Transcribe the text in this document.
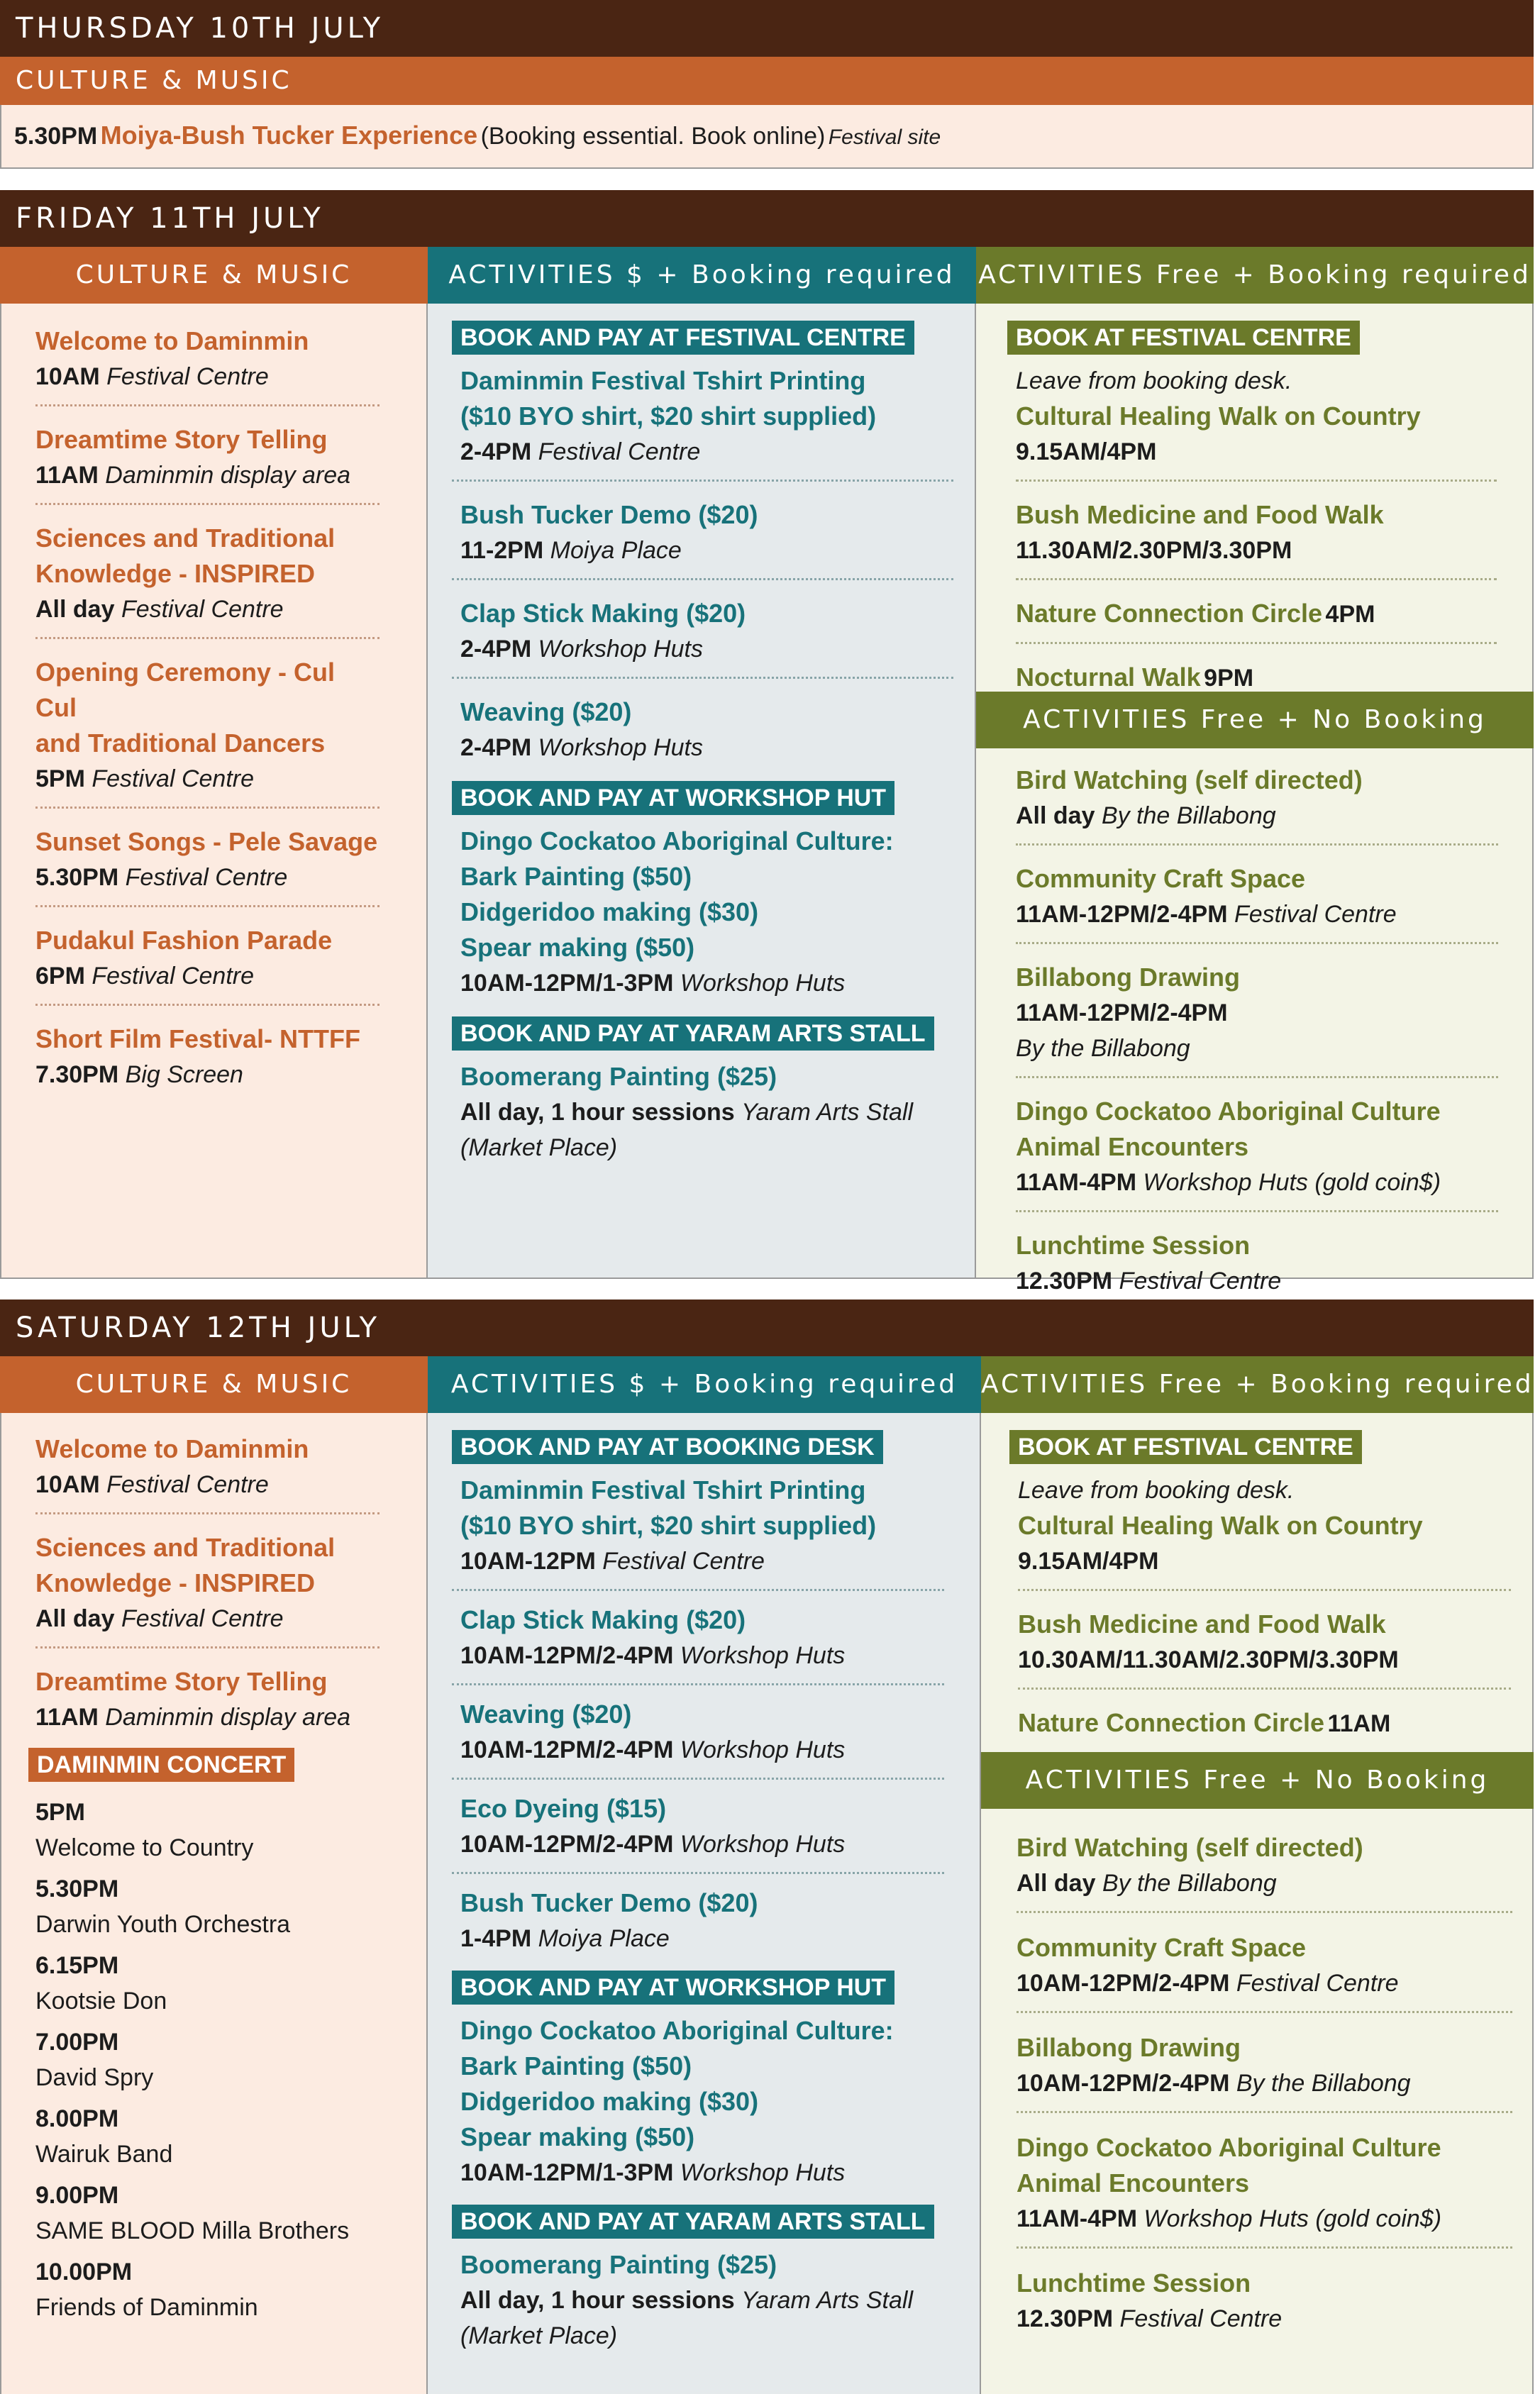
THURSDAY 10TH JULY
CULTURE & MUSIC
5.30PM Moiya-Bush Tucker Experience (Booking essential. Book online) Festival site
FRIDAY 11TH JULY
CULTURE & MUSIC	ACTIVITIES $ + Booking required ACTIVITIES Free + Booking required
Welcome to Daminmin
10AM Festival Centre
Dreamtime Story Telling
11AM Daminmin display area
Sciences and Traditional
Knowledge - INSPIRED
All day Festival Centre
Opening Ceremony - Cul Cul
and Traditional Dancers
5PM Festival Centre
Sunset Songs - Pele Savage
5.30PM Festival Centre
Pudakul Fashion Parade
6PM Festival Centre
Short Film Festival- NTTFF
7.30PM Big Screen
BOOK AND PAY AT FESTIVAL CENTRE
Daminmin Festival Tshirt Printing
($10 BYO shirt, $20 shirt supplied)
2-4PM Festival Centre
Bush Tucker Demo ($20)
11-2PM Moiya Place
Clap Stick Making ($20)
2-4PM Workshop Huts
Weaving ($20)
2-4PM Workshop Huts
BOOK AND PAY AT WORKSHOP HUT
Dingo Cockatoo Aboriginal Culture:
Bark Painting ($50)
Didgeridoo making ($30)
Spear making ($50)
10AM-12PM/1-3PM Workshop Huts
BOOK AND PAY AT YARAM ARTS STALL
Boomerang Painting ($25)
All day, 1 hour sessions Yaram Arts Stall
(Market Place)
BOOK AT FESTIVAL CENTRE
Leave from booking desk.
Cultural Healing Walk on Country
9.15AM/4PM
Bush Medicine and Food Walk
11.30AM/2.30PM/3.30PM
Nature Connection Circle 4PM
Nocturnal Walk 9PM
ACTIVITIES Free + No Booking
Bird Watching (self directed)
All day By the Billabong
Community Craft Space
11AM-12PM/2-4PM Festival Centre
Billabong Drawing
11AM-12PM/2-4PM
By the Billabong
Dingo Cockatoo Aboriginal Culture
Animal Encounters
11AM-4PM Workshop Huts (gold coin$)
Lunchtime Session
12.30PM Festival Centre
SATURDAY 12TH JULY
CULTURE & MUSIC	ACTIVITIES $ + Booking required ACTIVITIES Free + Booking required
Welcome to Daminmin
10AM Festival Centre
Sciences and Traditional
Knowledge - INSPIRED
All day Festival Centre
Dreamtime Story Telling
11AM Daminmin display area
DAMINMIN CONCERT
5PM
Welcome to Country
5.30PM
Darwin Youth Orchestra
6.15PM
Kootsie Don
7.00PM
David Spry
8.00PM
Wairuk Band
9.00PM
SAME BLOOD Milla Brothers
10.00PM
Friends of Daminmin
BOOK AND PAY AT BOOKING DESK
Daminmin Festival Tshirt Printing
($10 BYO shirt, $20 shirt supplied)
10AM-12PM Festival Centre
Clap Stick Making ($20)
10AM-12PM/2-4PM Workshop Huts
Weaving ($20)
10AM-12PM/2-4PM Workshop Huts
Eco Dyeing ($15)
10AM-12PM/2-4PM Workshop Huts
Bush Tucker Demo ($20)
1-4PM Moiya Place
BOOK AND PAY AT WORKSHOP HUT
Dingo Cockatoo Aboriginal Culture:
Bark Painting ($50)
Didgeridoo making ($30)
Spear making ($50)
10AM-12PM/1-3PM Workshop Huts
BOOK AND PAY AT YARAM ARTS STALL
Boomerang Painting ($25)
All day, 1 hour sessions Yaram Arts Stall
(Market Place)
BOOK AT FESTIVAL CENTRE
Leave from booking desk.
Cultural Healing Walk on Country
9.15AM/4PM
Bush Medicine and Food Walk
10.30AM/11.30AM/2.30PM/3.30PM
Nature Connection Circle 11AM
ACTIVITIES Free + No Booking
Bird Watching (self directed)
All day By the Billabong
Community Craft Space
10AM-12PM/2-4PM Festival Centre
Billabong Drawing
10AM-12PM/2-4PM By the Billabong
Dingo Cockatoo Aboriginal Culture
Animal Encounters
11AM-4PM Workshop Huts (gold coin$)
Lunchtime Session
12.30PM Festival Centre
